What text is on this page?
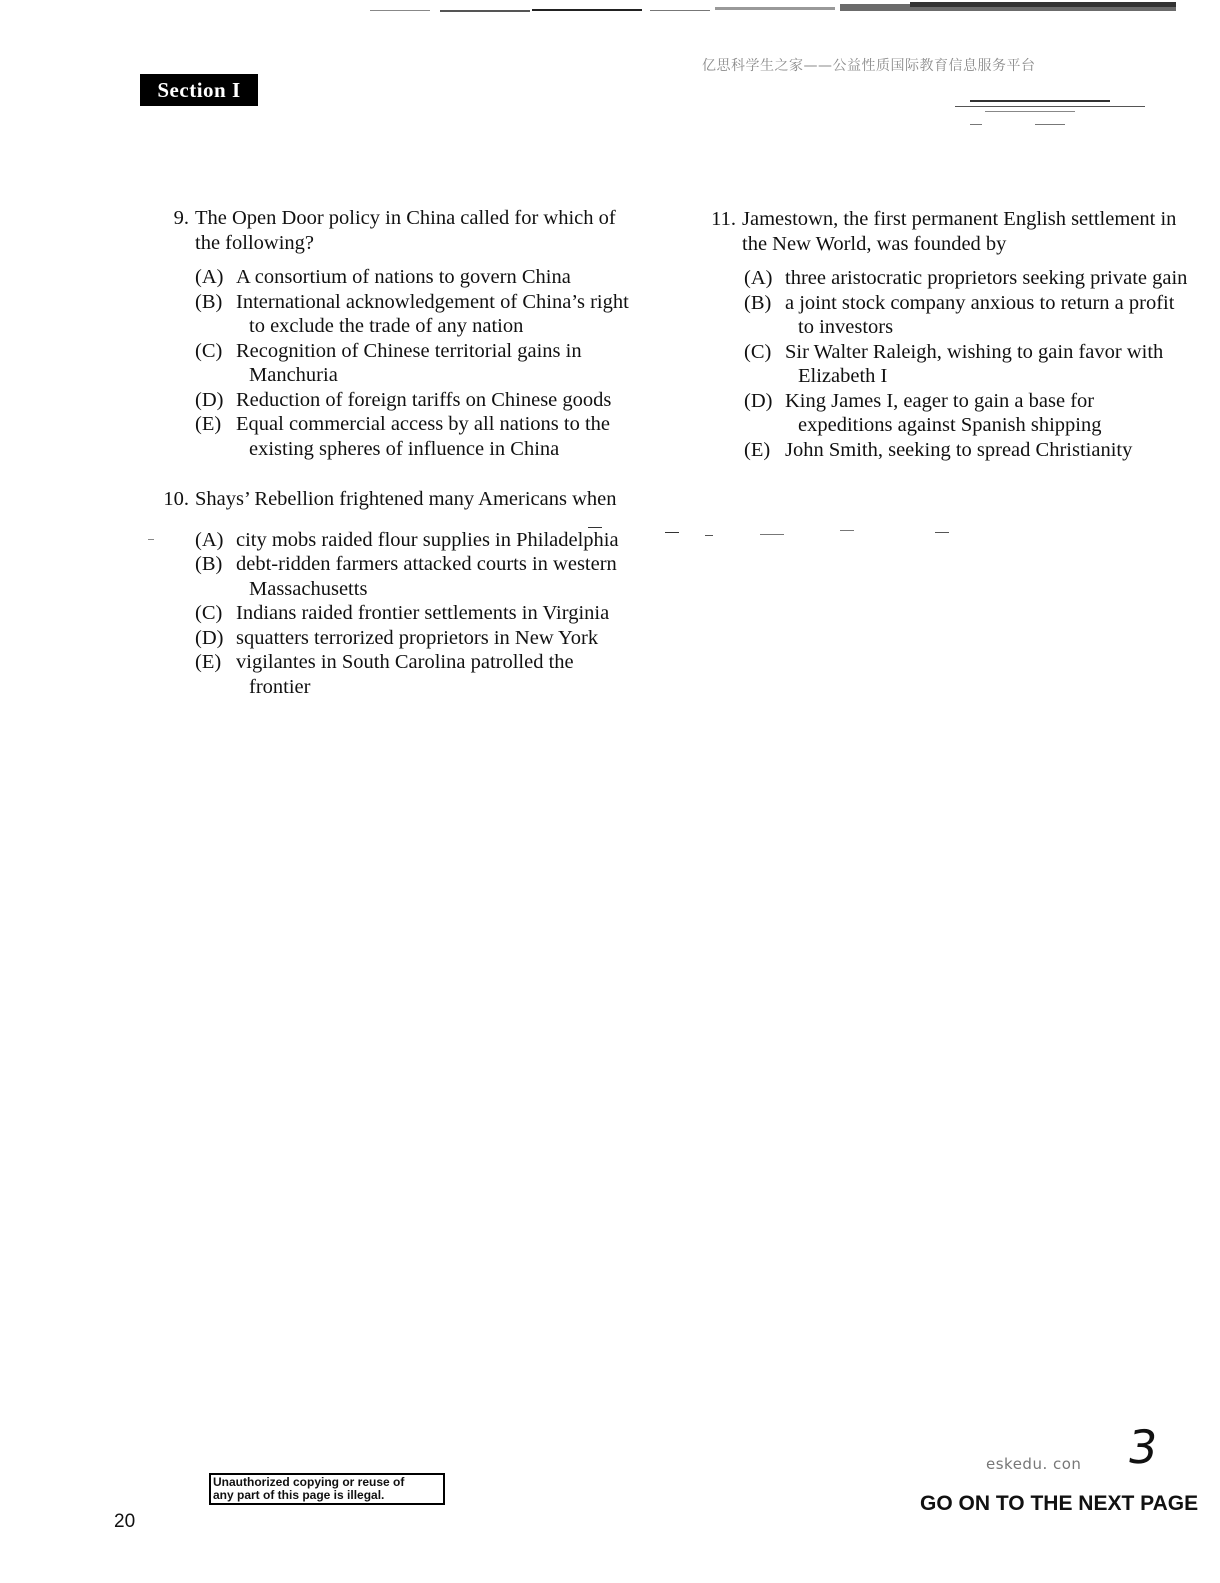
亿思科学生之家——公益性质国际教育信息服务平台
Section I
9. The Open Door policy in China called for which of the following?
(A) A consortium of nations to govern China
(B) International acknowledgement of China’s right to exclude the trade of any nation
(C) Recognition of Chinese territorial gains in Manchuria
(D) Reduction of foreign tariffs on Chinese goods
(E) Equal commercial access by all nations to the existing spheres of influence in China
10. Shays’ Rebellion frightened many Americans when
(A) city mobs raided flour supplies in Philadelphia
(B) debt-ridden farmers attacked courts in western Massachusetts
(C) Indians raided frontier settlements in Virginia
(D) squatters terrorized proprietors in New York
(E) vigilantes in South Carolina patrolled the frontier
11. Jamestown, the first permanent English settlement in the New World, was founded by
(A) three aristocratic proprietors seeking private gain
(B) a joint stock company anxious to return a profit to investors
(C) Sir Walter Raleigh, wishing to gain favor with Elizabeth I
(D) King James I, eager to gain a base for expeditions against Spanish shipping
(E) John Smith, seeking to spread Christianity
Unauthorized copying or reuse of
any part of this page is illegal.
20
eskedu. con 3
GO ON TO THE NEXT PAGE
